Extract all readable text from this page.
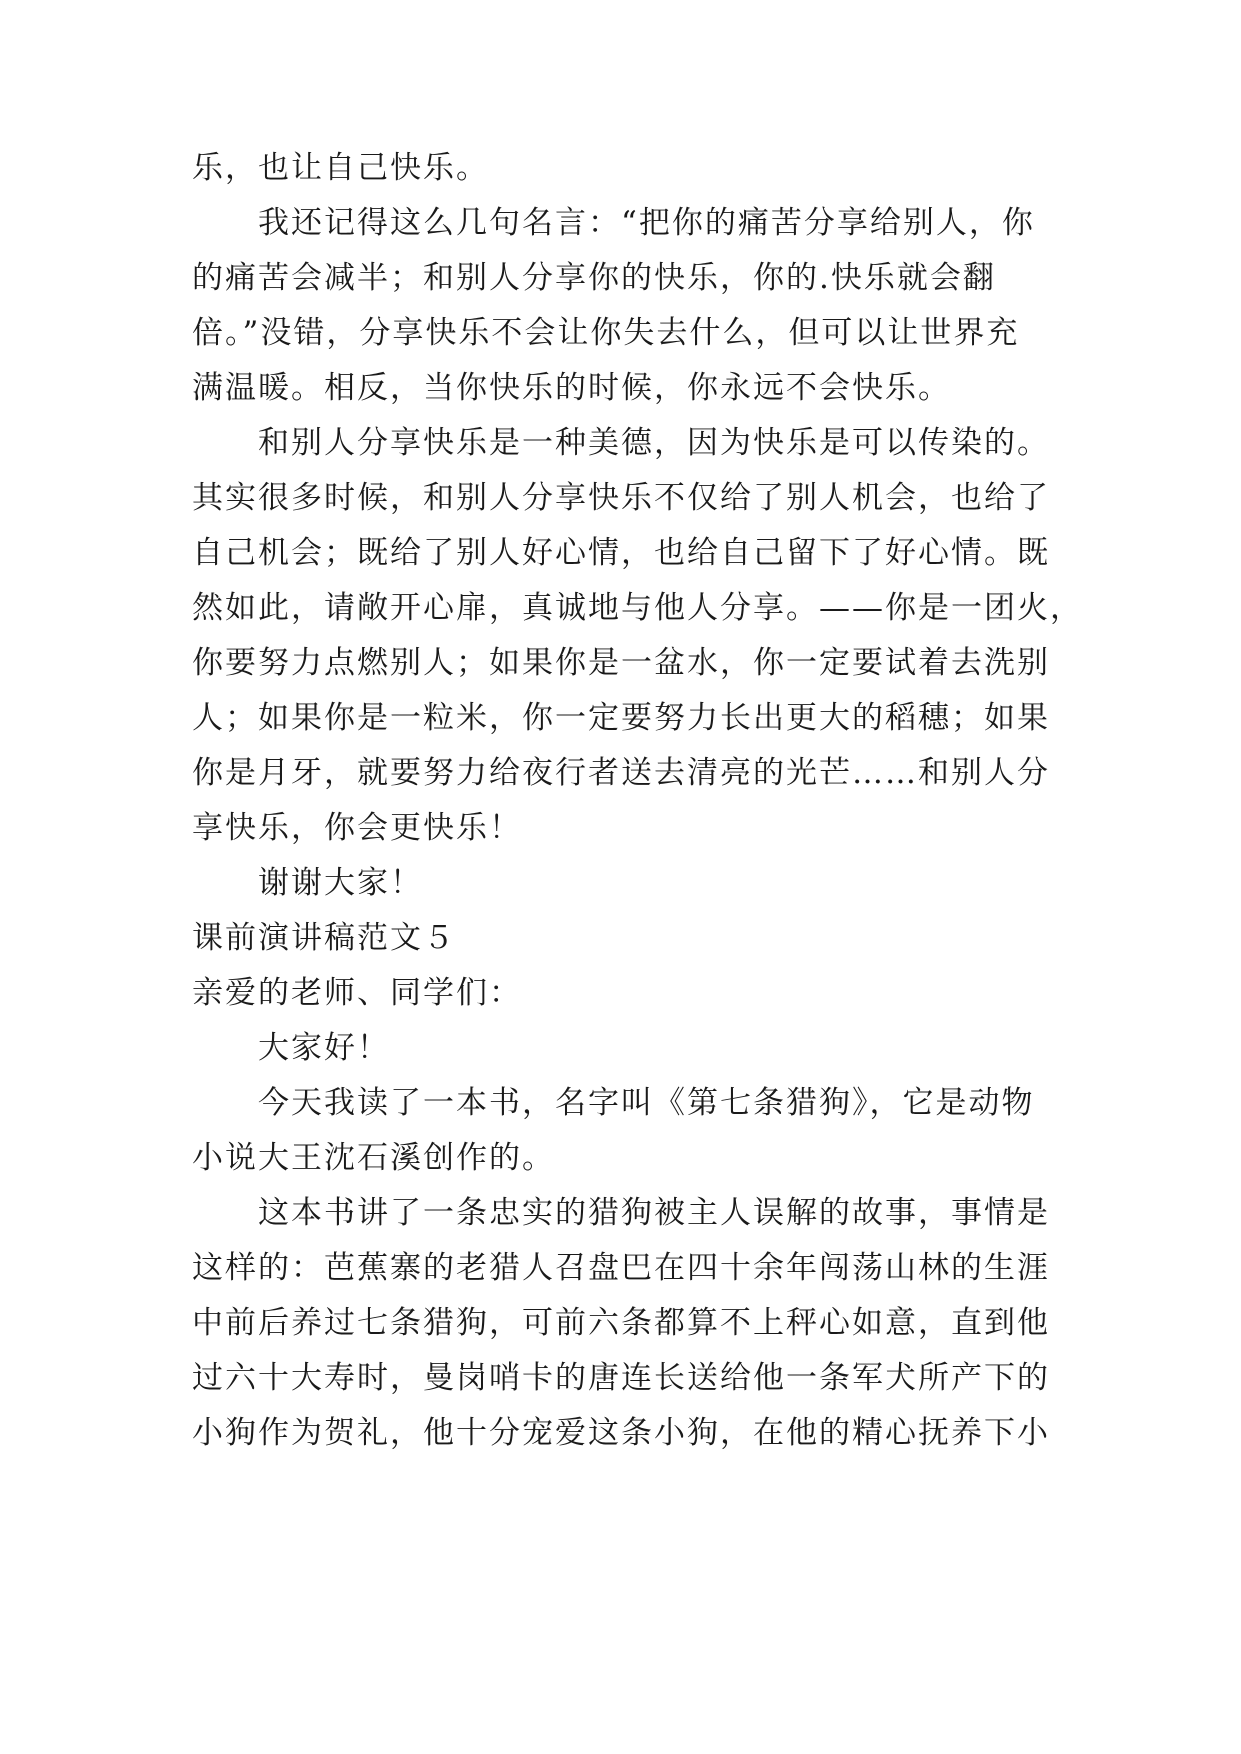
乐，也让自己快乐。
我还记得这么几句名言：“把你的痛苦分享给别人，你
的痛苦会减半；和别人分享你的快乐，你的.快乐就会翻
倍。”没错，分享快乐不会让你失去什么，但可以让世界充
满温暖。相反，当你快乐的时候，你永远不会快乐。
和别人分享快乐是一种美德，因为快乐是可以传染的。
其实很多时候，和别人分享快乐不仅给了别人机会，也给了
自己机会；既给了别人好心情，也给自己留下了好心情。既
然如此，请敞开心扉，真诚地与他人分享。——你是一团火，
你要努力点燃别人；如果你是一盆水，你一定要试着去洗别
人；如果你是一粒米，你一定要努力长出更大的稻穗；如果
你是月牙，就要努力给夜行者送去清亮的光芒……和别人分
享快乐，你会更快乐！
谢谢大家！
课前演讲稿范文５
亲爱的老师、同学们：
大家好！
今天我读了一本书，名字叫《第七条猎狗》，它是动物
小说大王沈石溪创作的。
这本书讲了一条忠实的猎狗被主人误解的故事，事情是
这样的：芭蕉寨的老猎人召盘巴在四十余年闯荡山林的生涯
中前后养过七条猎狗，可前六条都算不上秤心如意，直到他
过六十大寿时，曼岗哨卡的唐连长送给他一条军犬所产下的
小狗作为贺礼，他十分宠爱这条小狗，在他的精心抚养下小
